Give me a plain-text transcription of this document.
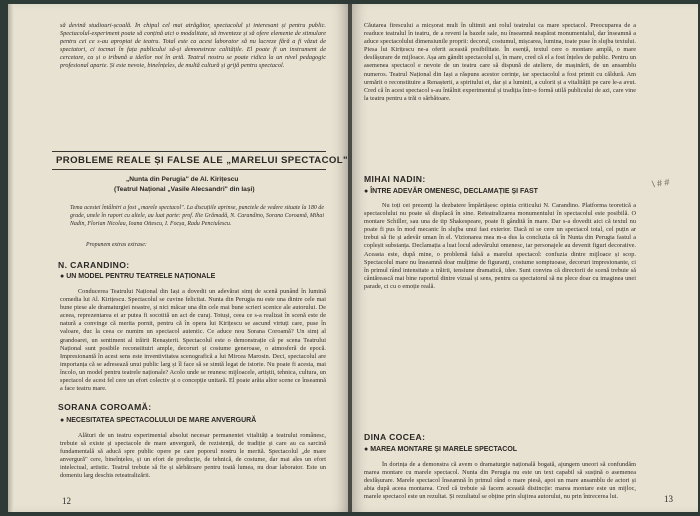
să devină studiouri-școală. În chipul cel mai atrăgător, spectacolul și interesant și pentru public. Spectacolul-experiment poate să conțină aici o modalitate, să inventeze și să ofere elemente de stimulare pentru cei ce s-au apropiat de teatru. Total este ca acest laborator să nu lucreze fără a fi văzut de spectatori, ci tocmai în fața publicului să-și demonstreze calitățile. El poate fi un instrument de cercetare, ca și o tribună a ideilor noi în artă. Teatrul nostru se poate ridica la un nivel pedagogic profesional aparte. Și este nevoie, bineînțeles, de multă cultură și grijă pentru spectacol.
PROBLEME REALE ȘI FALSE ALE „MARELUI SPECTACOL"
„Nunta din Perugia" de Al. Kirițescu
(Teatrul Național „Vasile Alecsandri" din Iași)
Tema acestei întâlniri a fost „marele spectacol". La discuțiile aprinse, punctele de vedere situate la 180 de grade, unele în raport cu altele, au luat parte: prof. Ilie Grămadă, N. Carandino, Sorana Coroamă, Mihai Nadin, Florian Nicolau, Ioana Ottescu, I. Focșa, Radu Penciulescu.
Propunem extras extrase:
N. CARANDINO:
● UN MODEL PENTRU TEATRELE NAȚIONALE
Conducerea Teatrului Național din Iași a dovedit un adevărat simț de scenă punând în lumină comedia lui Al. Kirițescu. Spectacolul se cuvine felicitat. Nunta din Perugia nu este una dintre cele mai bune piese ale dramaturgiei noastre, și nici măcar una din cele mai bune scrieri scenice ale autorului. De aceea, reprezentarea ei ar putea fi socotită un act de curaj. Totuși, ceea ce s-a realizat în scenă este de natură a convinge că merita pornit, pentru că în opera lui Kirițescu se ascund virtuți care, puse în valoare, duc la ceea ce numim un spectacol autentic. Ce aduce nou Sorana Coroamă? Un simț al grandoarei, un sentiment al trăirii Renașterii. Spectacolul este o demonstrație că pe scena Teatrului Național sunt posibile reconstituiri ample, decoruri și costume generoase, o atmosferă de epocă. Impresionantă în acest sens este inventivitatea scenografică a lui Mircea Marosin. Deci, spectacolul are importanța că se adresează unui public larg și îl face să se simtă legat de istorie. Nu poate fi acesta, mai încolo, un model pentru teatrele naționale? Acolo unde se reunesc mijloacele, artiștii, tehnica, cultura, un spectacol de acest fel cere un efort colectiv și o concepție unitară. El poate arăta altor scene ce înseamnă a face teatru mare.
SORANA COROAMĂ:
● NECESITATEA SPECTACOLULUI DE MARE ANVERGURĂ
Alături de un teatru experimental absolut necesar permanentei vitalități a teatrului românesc, trebuie să existe și spectacole de mare anvergură, de rezistență, de tradiție și care au ca sarcină fundamentală să aducă spre public opere pe care poporul nostru le merită. Spectacolul „de mare anvergură" cere, bineînțeles, și un efort de producție, de tehnică, de costume, dar mai ales un efort intelectual, artistic. Teatrul trebuie să fie și sărbătoare pentru toată lumea, nu doar laborator. Este un domeniu larg deschis reteatralizării.
12
Căutarea firescului a micșorat mult în ultimii ani rolul teatrului ca mare spectacol. Preocuparea de a readuce teatralul în teatru, de a reveni la bazele sale, nu înseamnă neapărat monumentalul, dar înseamnă a aduce spectacolului dimensiunile proprii: decorul, costumul, mișcarea, lumina, toate puse în slujba textului. Piesa lui Kirițescu ne-a oferit această posibilitate. În esență, textul cere o montare amplă, o mare desfășurare de mijloace. Așa am gândit spectacolul și, în mare, cred că el a fost înțeles de public. Pentru un asemenea spectacol e nevoie de un teatru care să dispună de ateliere, de mașinării, de un ansamblu numeros. Teatrul Național din Iași a răspuns acestor cerințe, iar spectacolul a fost primit cu căldură. Am urmărit o reconstituire a Renașterii, a spiritului ei, dar și a luminii, a culorii și a vitalității pe care le-a avut. Cred că în acest spectacol s-au întâlnit experimentul și tradiția într-o formă utilă publicului de azi, care vine la teatru pentru a trăi o sărbătoare.
MIHAI NADIN:
● ÎNTRE ADEVĂR OMENESC, DECLAMAȚIE ȘI FAST
Nu toți cei prezenți la dezbatere împărtășesc opinia criticului N. Carandino. Platforma teoretică a spectacolului nu poate să displacă în sine. Reteatralizarea monumentului în spectacolul este posibilă. O montare Schiller, sau una de tip Shakespeare, poate fi gândită în mare. Dar s-a dovedit aici că textul nu poate fi pus în mod mecanic în slujba unui fast exterior. Dacă ni se cere un spectacol total, cel puțin ar trebui să fie și adevăr uman în el. Vizionarea mea m-a dus la concluzia că în Nunta din Perugia fastul a copleșit substanța. Declamația a luat locul adevărului omenesc, iar personajele au devenit figuri decorative. Aceasta este, după mine, o problemă falsă a marelui spectacol: confuzia dintre mijloace și scop. Spectacolul mare nu înseamnă doar mulțime de figuranți, costume somptuoase, decoruri impresionante, ci în primul rând intensitate a trăirii, tensiune dramatică, idee. Sunt convins că directorii de scenă trebuie să cântărească mai bine raportul dintre vizual și sens, pentru ca spectatorul să nu plece doar cu imaginea unei parade, ci cu o emoție reală.
DINA COCEA:
● MAREA MONTARE ȘI MARELE SPECTACOL
În dorința de a demonstra că avem o dramaturgie națională bogată, ajungem uneori să confundăm marea montare cu marele spectacol. Nunta din Perugia nu este un text capabil să susțină o asemenea desfășurare. Marele spectacol înseamnă în primul rând o mare piesă, apoi un mare ansamblu de actori și abia după aceea montarea. Cred că trebuie să facem această distincție: marea montare este un mijloc, marele spectacol este un rezultat. Și rezultatul se obține prin slujirea autorului, nu prin întrecerea lui.	13
\ # #
